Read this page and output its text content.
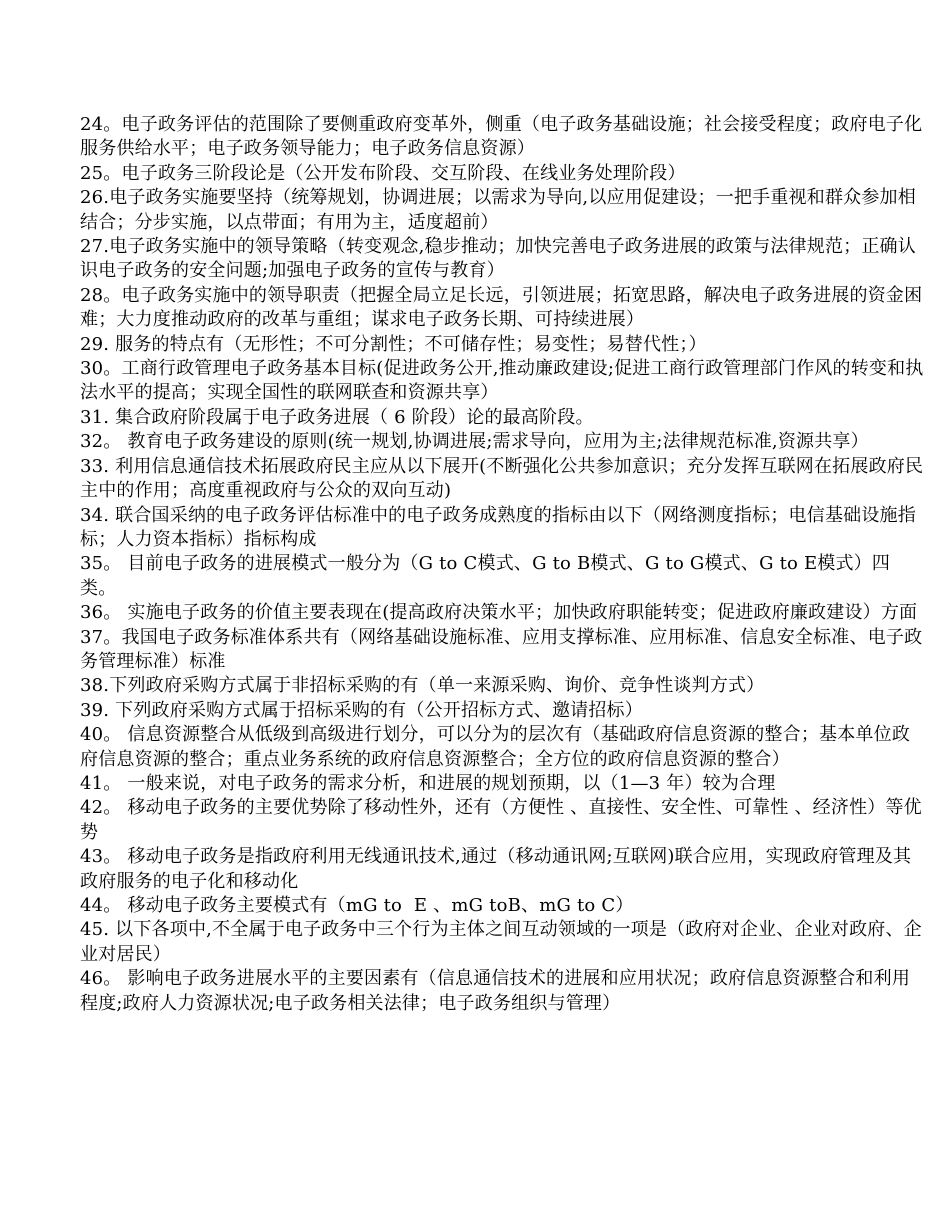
24。电子政务评估的范围除了要侧重政府变革外，侧重（电子政务基础设施；社会接受程度；政府电子化服务供给水平；电子政务领导能力；电子政务信息资源）

25。电子政务三阶段论是（公开发布阶段、交互阶段、在线业务处理阶段）

26.电子政务实施要坚持（统筹规划，协调进展；以需求为导向,以应用促建设；一把手重视和群众参加相结合；分步实施，以点带面；有用为主，适度超前）

27.电子政务实施中的领导策略（转变观念,稳步推动；加快完善电子政务进展的政策与法律规范；正确认识电子政务的安全问题;加强电子政务的宣传与教育）

28。电子政务实施中的领导职责（把握全局立足长远，引领进展；拓宽思路，解决电子政务进展的资金困难；大力度推动政府的改革与重组；谋求电子政务长期、可持续进展）

29. 服务的特点有（无形性；不可分割性；不可储存性；易变性；易替代性；）

30。工商行政管理电子政务基本目标(促进政务公开,推动廉政建设;促进工商行政管理部门作风的转变和执法水平的提高；实现全国性的联网联查和资源共享）

31. 集合政府阶段属于电子政务进展（ 6 阶段）论的最高阶段。

32。 教育电子政务建设的原则(统一规划,协调进展;需求导向，应用为主;法律规范标准,资源共享）

33. 利用信息通信技术拓展政府民主应从以下展开(不断强化公共参加意识；充分发挥互联网在拓展政府民主中的作用；高度重视政府与公众的双向互动)

34. 联合国采纳的电子政务评估标准中的电子政务成熟度的指标由以下（网络测度指标；电信基础设施指标；人力资本指标）指标构成

35。 目前电子政务的进展模式一般分为（G to C模式、G to B模式、G to G模式、G to E模式）四类。

36。 实施电子政务的价值主要表现在(提高政府决策水平；加快政府职能转变；促进政府廉政建设）方面

37。我国电子政务标准体系共有（网络基础设施标准、应用支撑标准、应用标准、信息安全标准、电子政务管理标准）标准

38.下列政府采购方式属于非招标采购的有（单一来源采购、询价、竞争性谈判方式）

39. 下列政府采购方式属于招标采购的有（公开招标方式、邀请招标）

40。 信息资源整合从低级到高级进行划分，可以分为的层次有（基础政府信息资源的整合；基本单位政府信息资源的整合；重点业务系统的政府信息资源整合；全方位的政府信息资源的整合）

41。 一般来说，对电子政务的需求分析，和进展的规划预期，以（1—3 年）较为合理

42。 移动电子政务的主要优势除了移动性外，还有（方便性 、直接性、安全性、可靠性 、经济性）等优势

43。 移动电子政务是指政府利用无线通讯技术,通过（移动通讯网;互联网)联合应用，实现政府管理及其政府服务的电子化和移动化

44。 移动电子政务主要模式有（mG to  E 、mG toB、mG to C）

45. 以下各项中,不全属于电子政务中三个行为主体之间互动领域的一项是（政府对企业、企业对政府、企业对居民）

46。 影响电子政务进展水平的主要因素有（信息通信技术的进展和应用状况；政府信息资源整合和利用程度;政府人力资源状况;电子政务相关法律；电子政务组织与管理）
